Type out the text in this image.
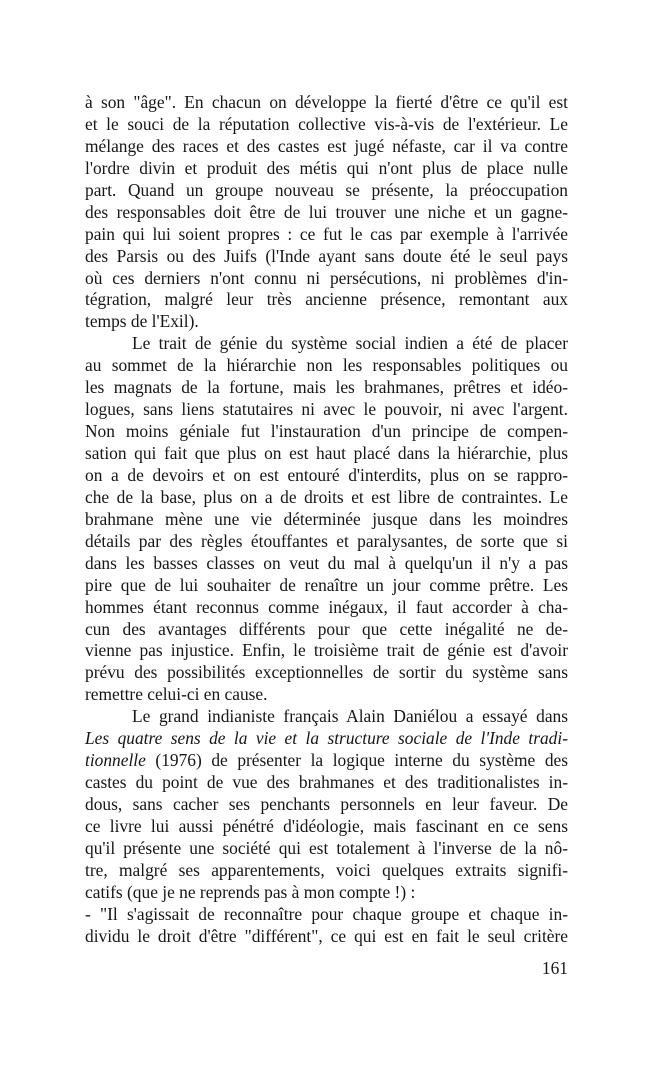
à son "âge". En chacun on développe la fierté d'être ce qu'il est
et le souci de la réputation collective vis-à-vis de l'extérieur. Le
mélange des races et des castes est jugé néfaste, car il va contre
l'ordre divin et produit des métis qui n'ont plus de place nulle
part. Quand un groupe nouveau se présente, la préoccupation
des responsables doit être de lui trouver une niche et un gagne-
pain qui lui soient propres : ce fut le cas par exemple à l'arrivée
des Parsis ou des Juifs (l'Inde ayant sans doute été le seul pays
où ces derniers n'ont connu ni persécutions, ni problèmes d'in-
tégration, malgré leur très ancienne présence, remontant aux
temps de l'Exil).
Le trait de génie du système social indien a été de placer
au sommet de la hiérarchie non les responsables politiques ou
les magnats de la fortune, mais les brahmanes, prêtres et idéo-
logues, sans liens statutaires ni avec le pouvoir, ni avec l'argent.
Non moins géniale fut l'instauration d'un principe de compen-
sation qui fait que plus on est haut placé dans la hiérarchie, plus
on a de devoirs et on est entouré d'interdits, plus on se rappro-
che de la base, plus on a de droits et est libre de contraintes. Le
brahmane mène une vie déterminée jusque dans les moindres
détails par des règles étouffantes et paralysantes, de sorte que si
dans les basses classes on veut du mal à quelqu'un il n'y a pas
pire que de lui souhaiter de renaître un jour comme prêtre. Les
hommes étant reconnus comme inégaux, il faut accorder à cha-
cun des avantages différents pour que cette inégalité ne de-
vienne pas injustice. Enfin, le troisième trait de génie est d'avoir
prévu des possibilités exceptionnelles de sortir du système sans
remettre celui-ci en cause.
Le grand indianiste français Alain Daniélou a essayé dans
Les quatre sens de la vie et la structure sociale de l'Inde tradi-
tionnelle (1976) de présenter la logique interne du système des
castes du point de vue des brahmanes et des traditionalistes in-
dous, sans cacher ses penchants personnels en leur faveur. De
ce livre lui aussi pénétré d'idéologie, mais fascinant en ce sens
qu'il présente une société qui est totalement à l'inverse de la nô-
tre, malgré ses apparentements, voici quelques extraits signifi-
catifs (que je ne reprends pas à mon compte !) :
- "Il s'agissait de reconnaître pour chaque groupe et chaque in-
dividu le droit d'être "différent", ce qui est en fait le seul critère
161
